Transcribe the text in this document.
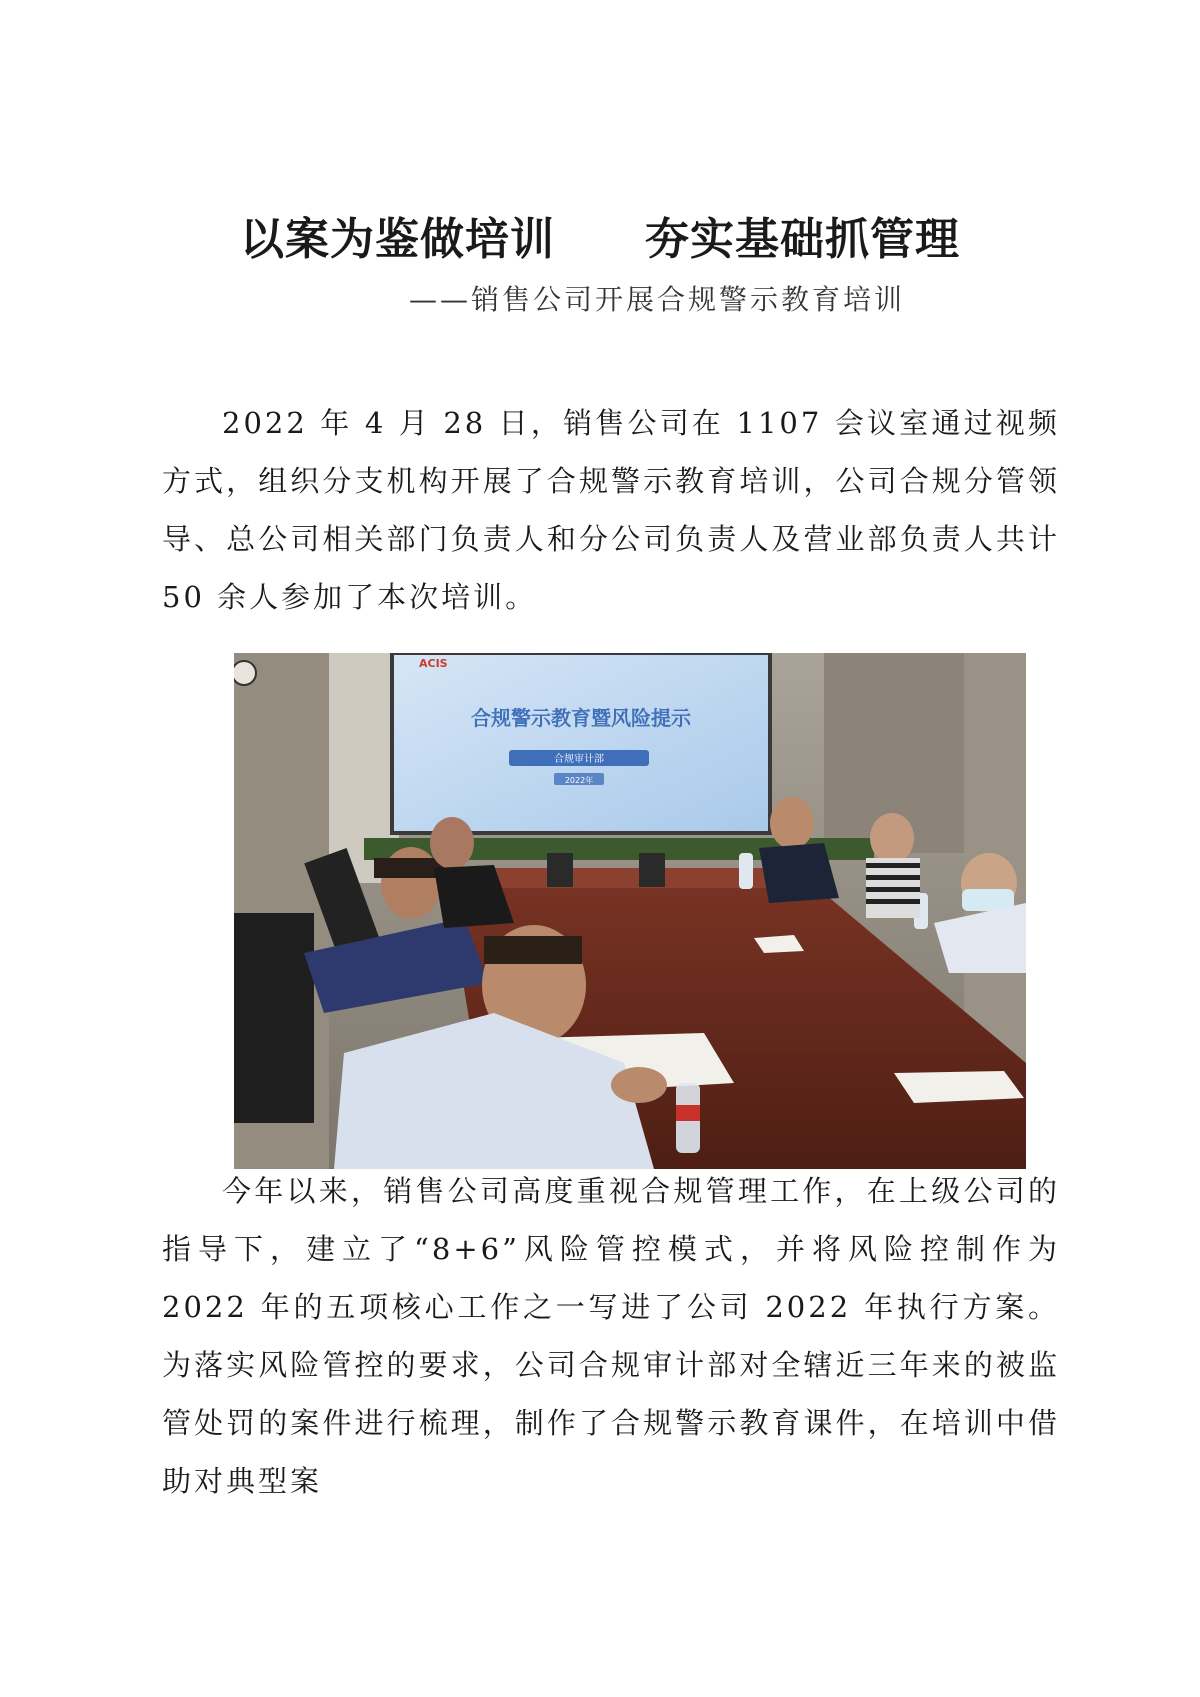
以案为鉴做培训 夯实基础抓管理
——销售公司开展合规警示教育培训

2022 年 4 月 28 日，销售公司在 1107 会议室通过视频方式，组织分支机构开展了合规警示教育培训，公司合规分管领导、总公司相关部门负责人和分公司负责人及营业部负责人共计 50 余人参加了本次培训。

ACIS
合规警示教育暨风险提示
合规审计部
2022年

今年以来，销售公司高度重视合规管理工作，在上级公司的指导下，建立了“8+6”风险管控模式，并将风险控制作为 2022 年的五项核心工作之一写进了公司 2022 年执行方案。为落实风险管控的要求，公司合规审计部对全辖近三年来的被监管处罚的案件进行梳理，制作了合规警示教育课件，在培训中借助对典型案
